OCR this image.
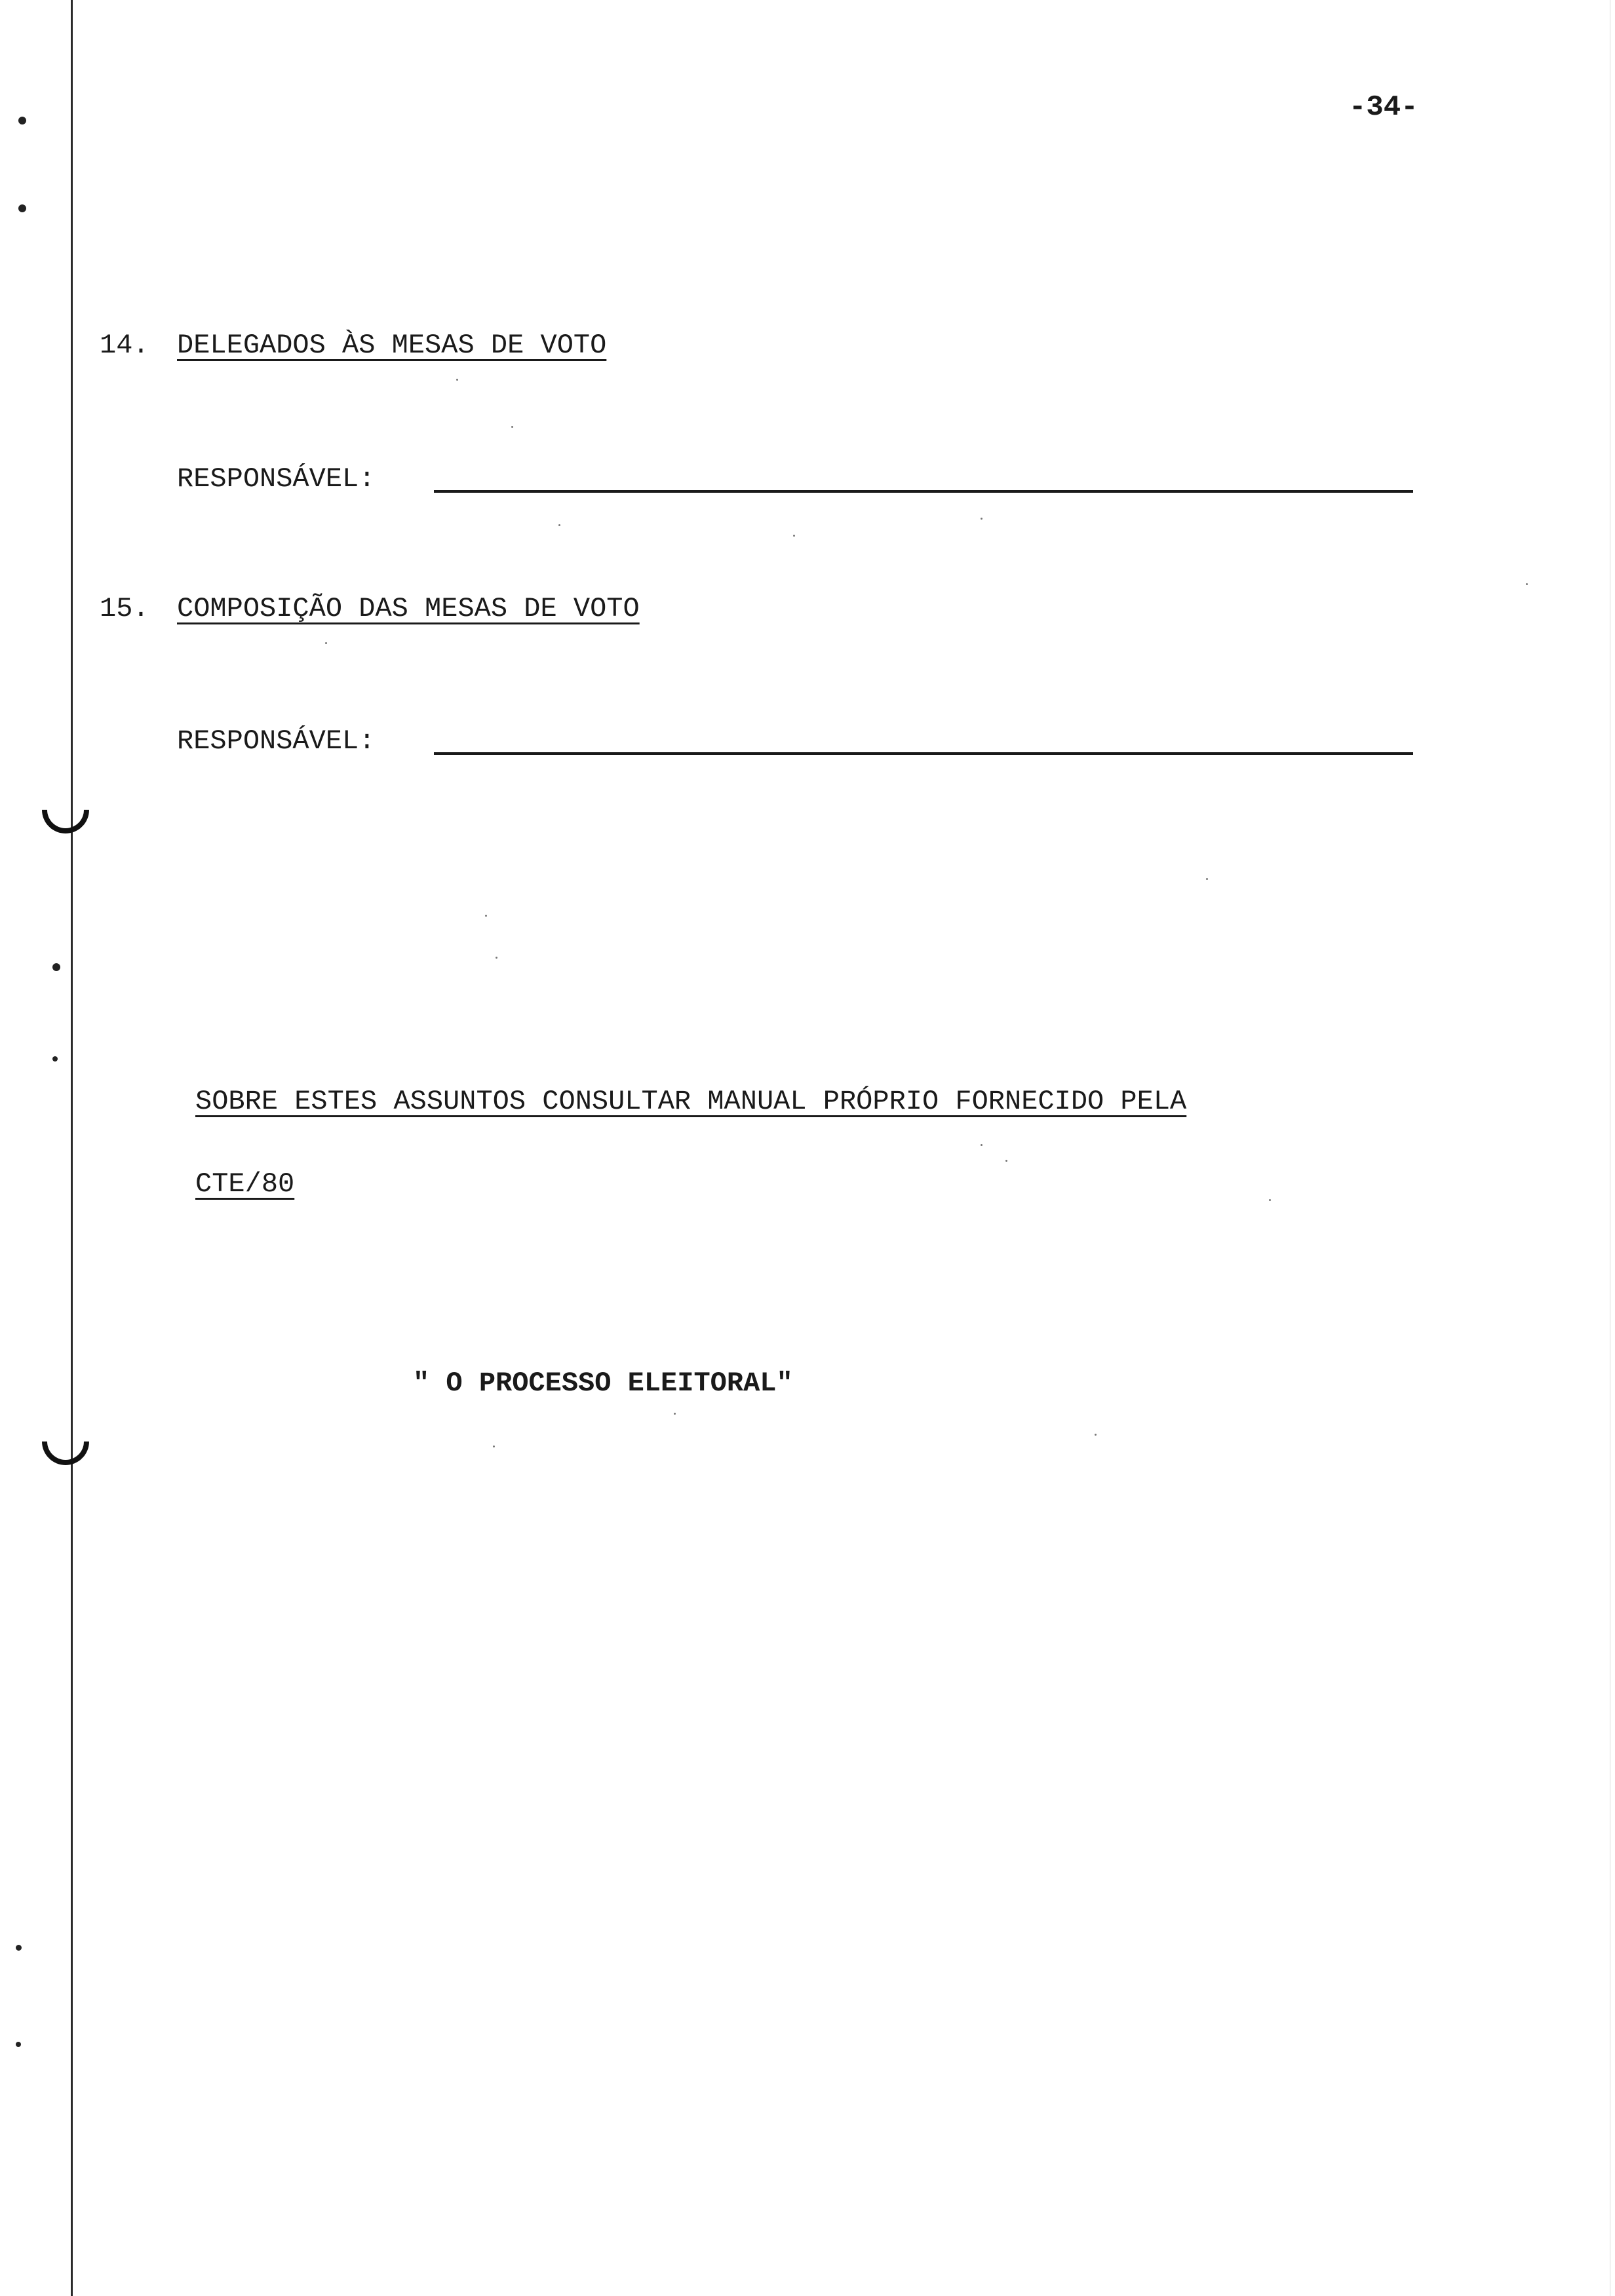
-34-
14. DELEGADOS ÀS MESAS DE VOTO
RESPONSÁVEL:
15. COMPOSIÇÃO DAS MESAS DE VOTO
RESPONSÁVEL:
SOBRE ESTES ASSUNTOS CONSULTAR MANUAL PRÓPRIO FORNECIDO PELA
CTE/80
" O PROCESSO ELEITORAL"
